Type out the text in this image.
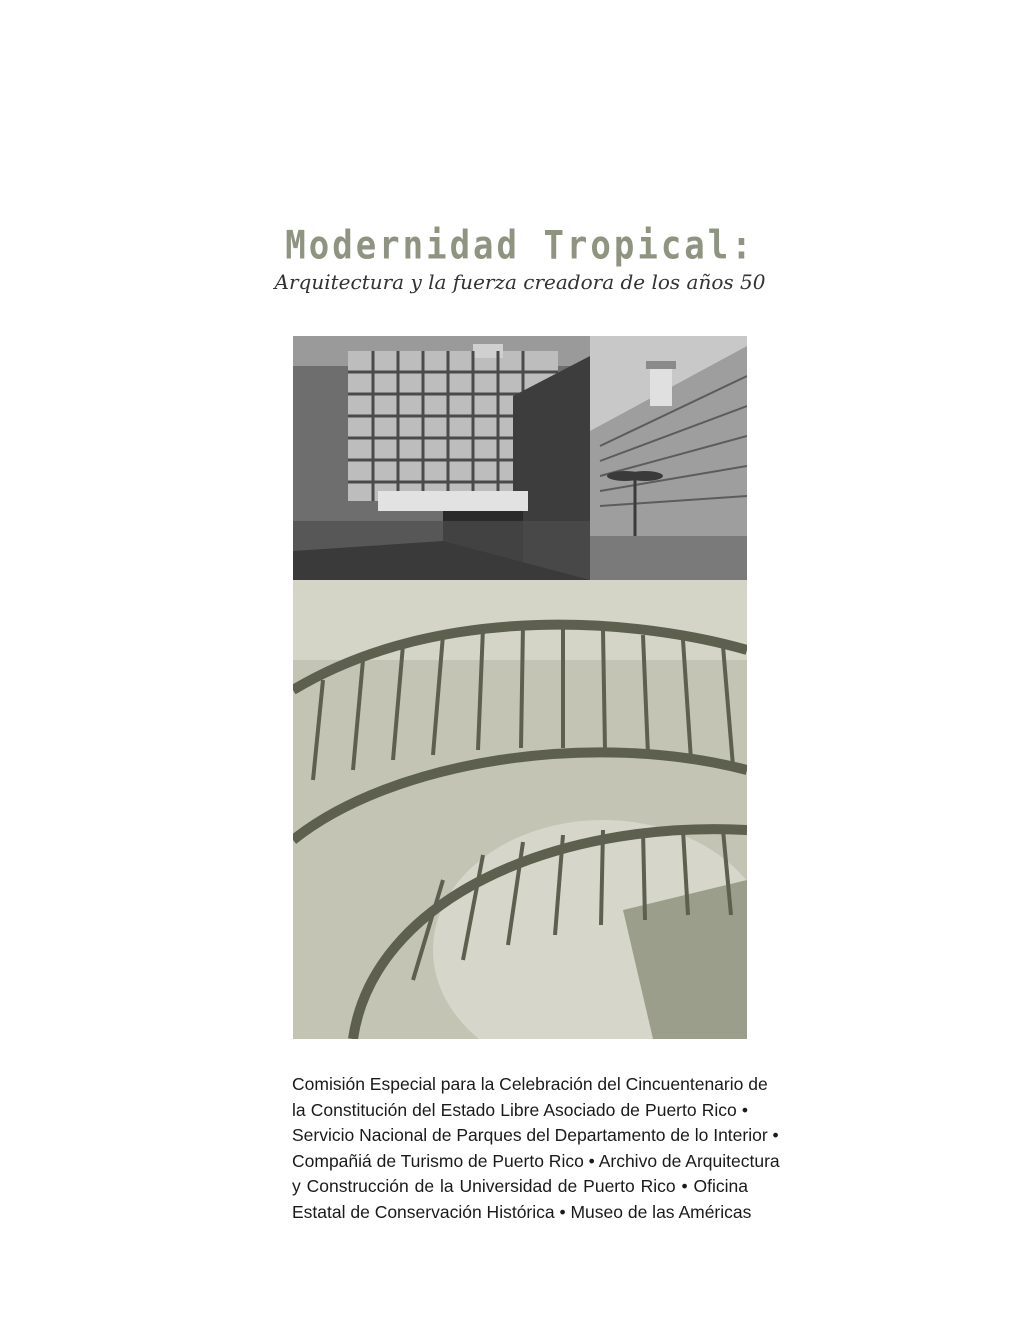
Modernidad Tropical:
Arquitectura y la fuerza creadora de los años 50
Comisión Especial para la Celebración del Cincuentenario de
la Constitución del Estado Libre Asociado de Puerto Rico •
Servicio Nacional de Parques del Departamento de lo Interior •
Compañiá de Turismo de Puerto Rico • Archivo de Arquitectura
y Construcción de la Universidad de Puerto Rico • Oficina
Estatal de Conservación Histórica • Museo de las Américas
